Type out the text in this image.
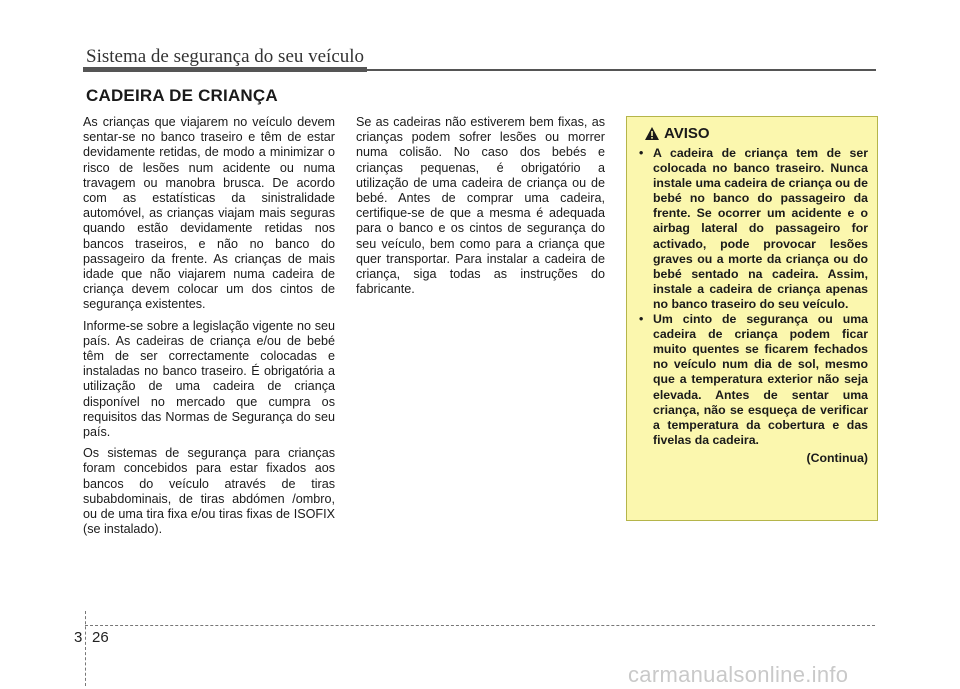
Sistema de segurança do seu veículo
CADEIRA DE CRIANÇA

As crianças que viajarem no veículo devem sentar-se no banco traseiro e têm de estar devidamente retidas, de modo a minimizar o risco de lesões num acidente ou numa travagem ou manobra brusca. De acordo com as estatísticas da sinistralidade automóvel, as crianças viajam mais seguras quando estão devidamente retidas nos bancos traseiros, e não no banco do passageiro da frente. As crianças de mais idade que não viajarem numa cadeira de criança devem colocar um dos cintos de segurança existentes.

Informe-se sobre a legislação vigente no seu país. As cadeiras de criança e/ou de bebé têm de ser correctamente colocadas e instaladas no banco traseiro. É obrigatória a utilização de uma cadeira de criança disponível no mercado que cumpra os requisitos das Normas de Segurança do seu país.

Os sistemas de segurança para crianças foram concebidos para estar fixados aos bancos do veículo através de tiras subabdominais, de tiras abdómen /ombro, ou de uma tira fixa e/ou tiras fixas de ISOFIX (se instalado).

Se as cadeiras não estiverem bem fixas, as crianças podem sofrer lesões ou morrer numa colisão. No caso dos bebés e crianças pequenas, é obrigatório a utilização de uma cadeira de criança ou de bebé. Antes de comprar uma cadeira, certifique-se de que a mesma é adequada para o banco e os cintos de segurança do seu veículo, bem como para a criança que quer transportar. Para instalar a cadeira de criança, siga todas as instruções do fabricante.

AVISO
• A cadeira de criança tem de ser colocada no banco traseiro. Nunca instale uma cadeira de criança ou de bebé no banco do passageiro da frente. Se ocorrer um acidente e o airbag lateral do passageiro for activado, pode provocar lesões graves ou a morte da criança ou do bebé sentado na cadeira. Assim, instale a cadeira de criança apenas no banco traseiro do seu veículo.
• Um cinto de segurança ou uma cadeira de criança podem ficar muito quentes se ficarem fechados no veículo num dia de sol, mesmo que a temperatura exterior não seja elevada. Antes de sentar uma criança, não se esqueça de verificar a temperatura da cobertura e das fivelas da cadeira.
(Continua)
3 26
carmanualsonline.info
